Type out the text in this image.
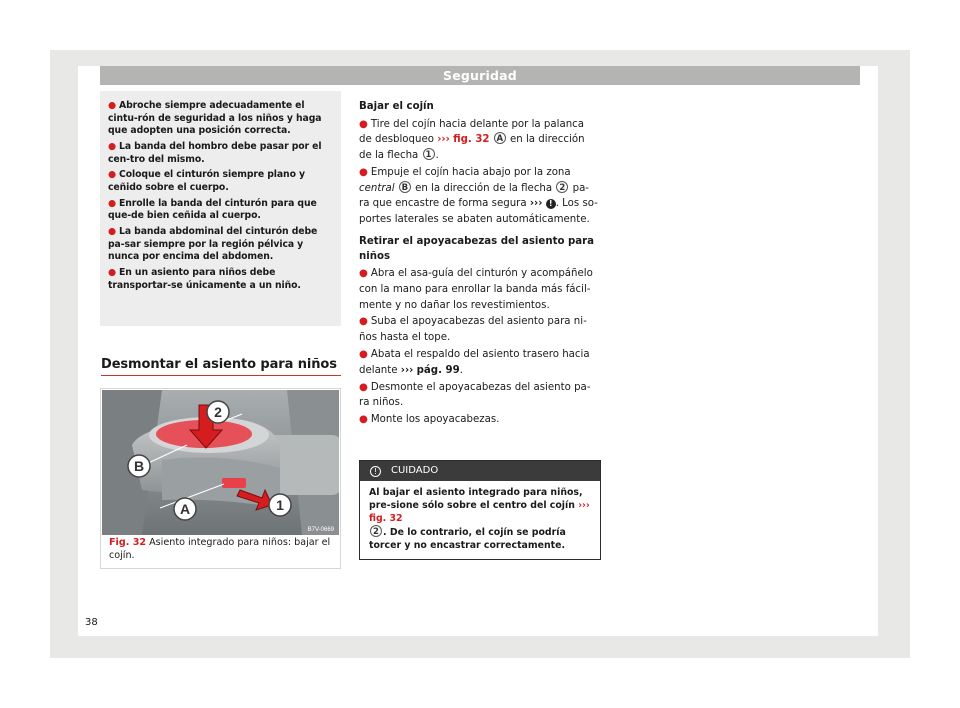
Seguridad
● Abroche siempre adecuadamente el cintu-rón de seguridad a los niños y haga que adopten una posición correcta.
● La banda del hombro debe pasar por el cen-tro del mismo.
● Coloque el cinturón siempre plano y ceñido sobre el cuerpo.
● Enrolle la banda del cinturón para que que-de bien ceñida al cuerpo.
● La banda abdominal del cinturón debe pa-sar siempre por la región pélvica y nunca por encima del abdomen.
● En un asiento para niños debe transportar-se únicamente a un niño.
Desmontar el asiento para niños
2
B
A	1
B7V-0669
Fig. 32 Asiento integrado para niños: bajar el cojín.

Bajar el cojín

● Tire del cojín hacia delante por la palanca de desbloqueo ››› fig. 32 A en la dirección de la flecha 1 .

● Empuje el cojín hacia abajo por la zona central B en la dirección de la flecha 2 pa-ra que encastre de forma segura ››› ! . Los so-portes laterales se abaten automáticamente.

Retirar el apoyacabezas del asiento para niños

● Abra el asa-guía del cinturón y acompáñelo con la mano para enrollar la banda más fácil-mente y no dañar los revestimientos.

● Suba el apoyacabezas del asiento para ni-ños hasta el tope.

● Abata el respaldo del asiento trasero hacia delante ››› pág. 99.

● Desmonte el apoyacabezas del asiento pa-ra niños.

● Monte los apoyacabezas.

! CUIDADO
Al bajar el asiento integrado para niños, pre-sione sólo sobre el centro del cojín ››› fig. 32
2 . De lo contrario, el cojín se podría torcer y no encastrar correctamente.
38
